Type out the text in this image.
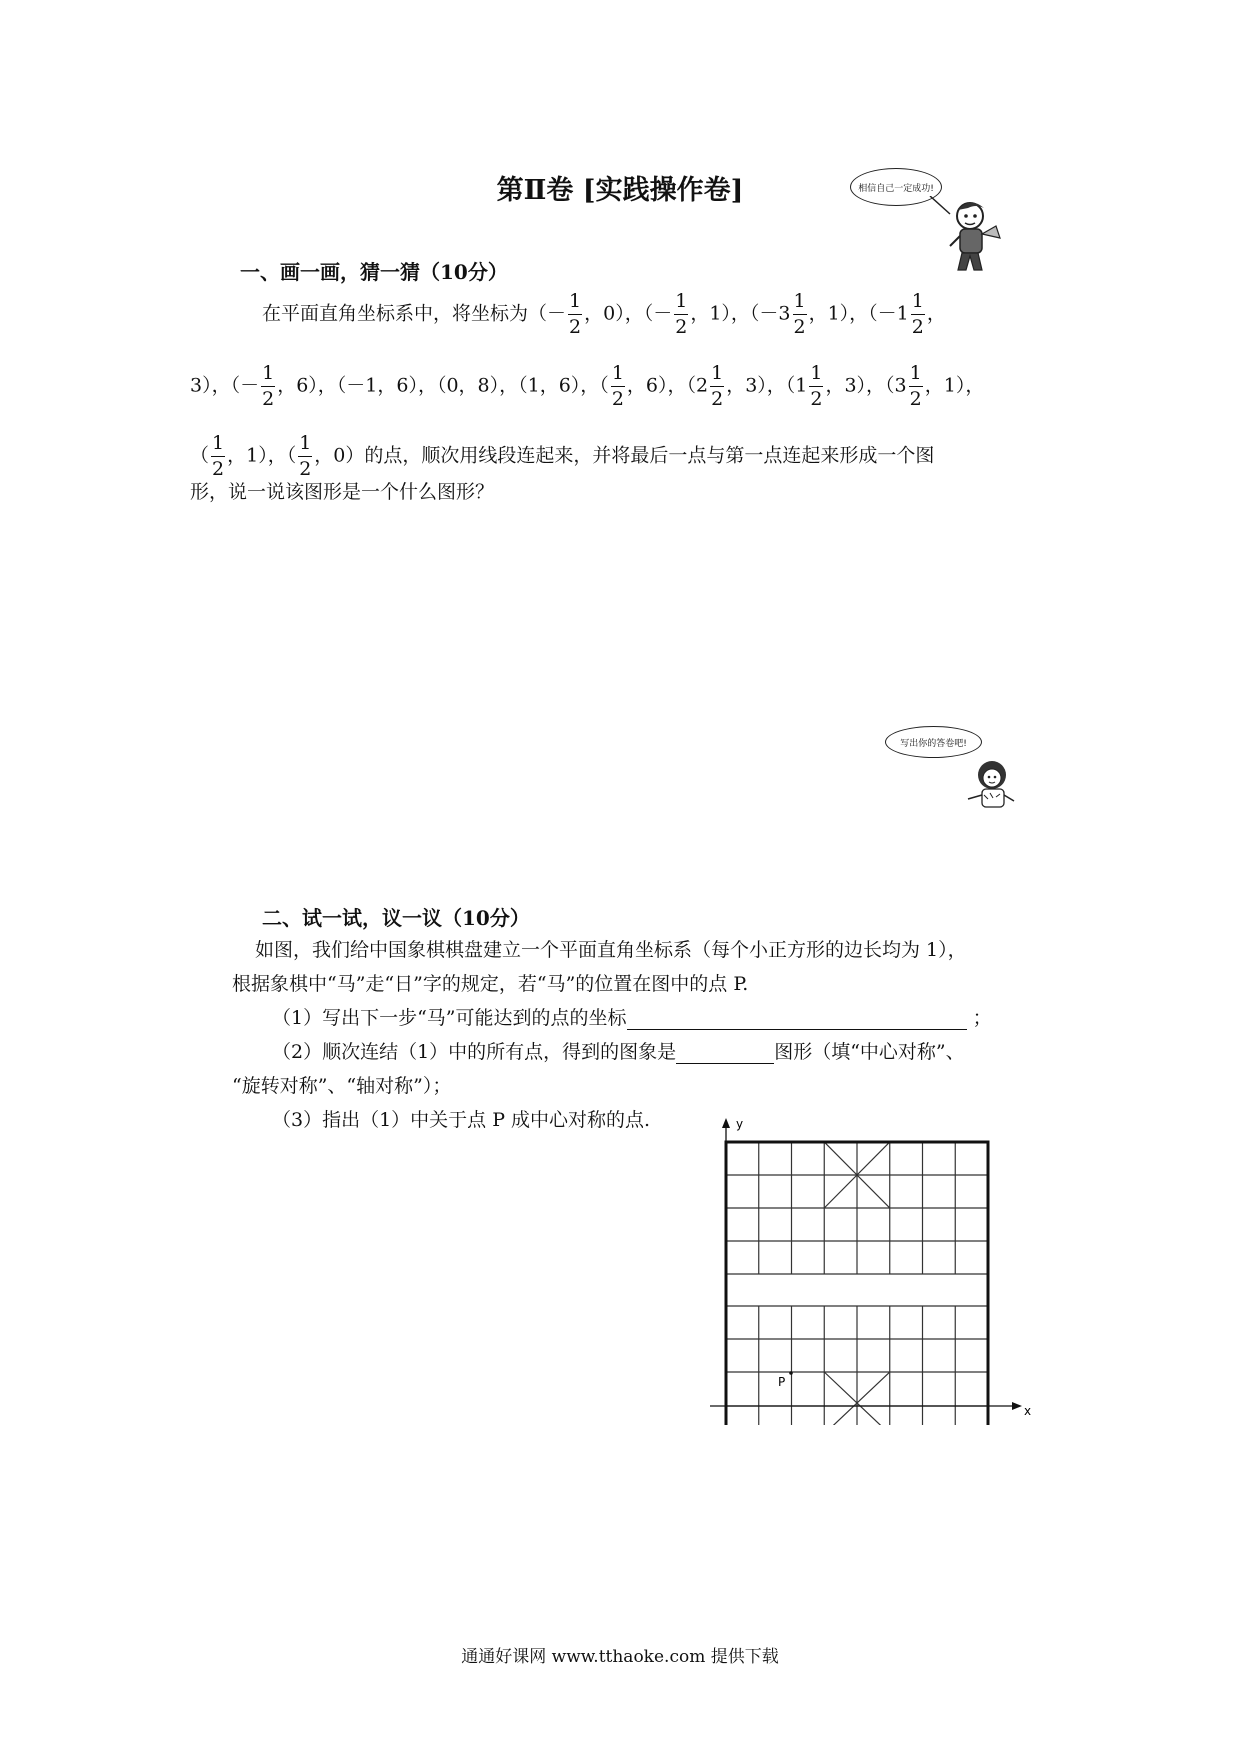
第Ⅱ卷 [实践操作卷]	相信自己一定成功!
一、画一画，猜一猜（10分）
在平面直角坐标系中，将坐标为（－ $\frac{1}{2}$ ，0），（－ $\frac{1}{2}$ ，1），（$-3 \frac{1}{2}$ ，1），（$-1 \frac{1}{2}$ ，
3），（－ $\frac{1}{2}$ ，6），（－1，6），（0，8），（1，6），（ $\frac{1}{2}$ ，6），（$2 \frac{1}{2}$ ，3），（$1 \frac{1}{2}$ ，3），（$3 \frac{1}{2}$ ，1），
（ $\frac{1}{2}$ ，1），（ $\frac{1}{2}$ ，0）的点，顺次用线段连起来，并将最后一点与第一点连起来形成一个图
形，说一说该图形是一个什么图形？
写出你的答卷吧!
二、试一试，议一议（10分）
如图，我们给中国象棋棋盘建立一个平面直角坐标系（每个小正方形的边长均为 1），
根据象棋中“马”走“日”字的规定，若“马”的位置在图中的点 P.
（1）写出下一步“马”可能达到的点的坐标	；
（2）顺次连结（1）中的所有点，得到的图象是	图形（填“中心对称”、
“旋转对称”、“轴对称”）；
（3）指出（1）中关于点 P 成中心对称的点.	y
x
P
通通好课网 www.tthaoke.com 提供下载
